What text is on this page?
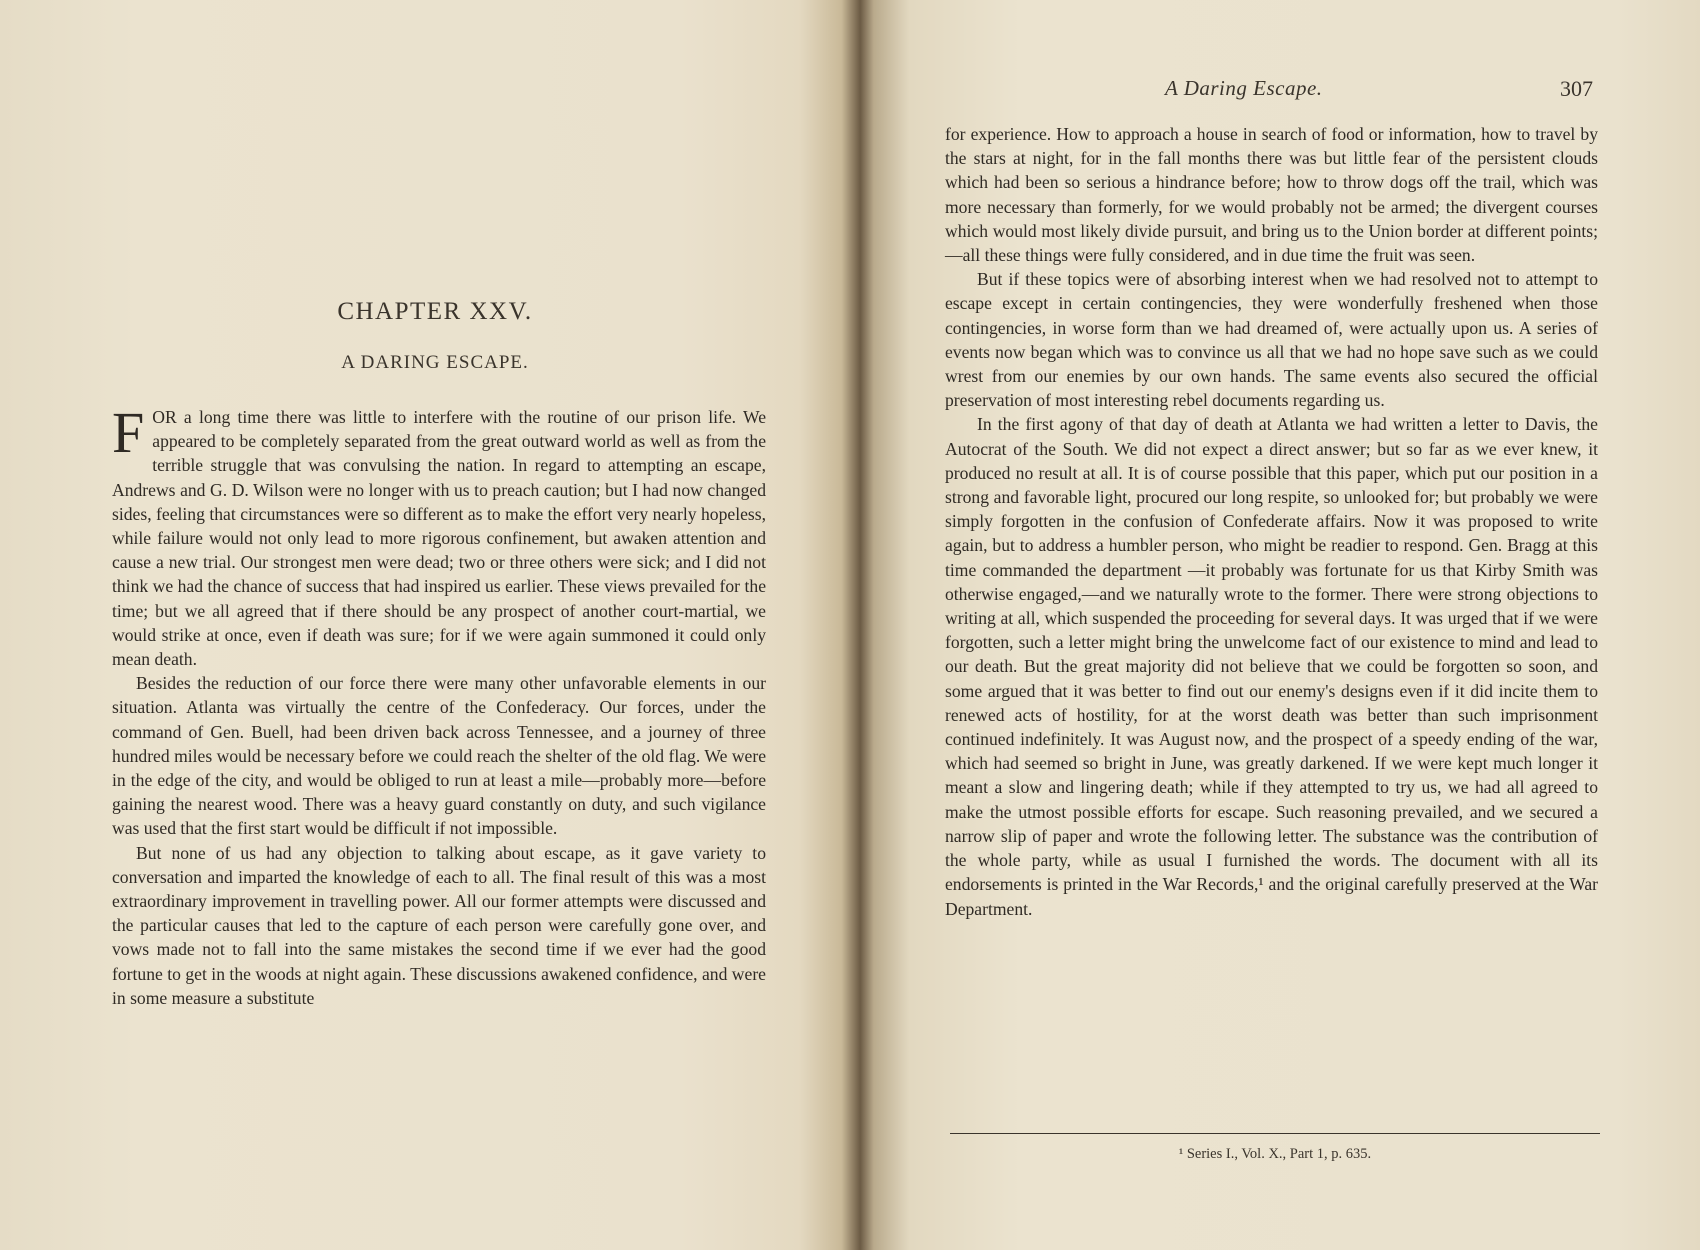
CHAPTER XXV.
A DARING ESCAPE.

FOR a long time there was little to interfere with the routine of our prison life. We appeared to be completely separated from the great outward world as well as from the terrible struggle that was convulsing the nation. In regard to attempting an escape, Andrews and G. D. Wilson were no longer with us to preach caution; but I had now changed sides, feeling that circumstances were so different as to make the effort very nearly hopeless, while failure would not only lead to more rigorous confinement, but awaken attention and cause a new trial. Our strongest men were dead; two or three others were sick; and I did not think we had the chance of success that had inspired us earlier. These views prevailed for the time; but we all agreed that if there should be any prospect of another court-martial, we would strike at once, even if death was sure; for if we were again summoned it could only mean death.

Besides the reduction of our force there were many other unfavorable elements in our situation. Atlanta was virtually the centre of the Confederacy. Our forces, under the command of Gen. Buell, had been driven back across Tennessee, and a journey of three hundred miles would be necessary before we could reach the shelter of the old flag. We were in the edge of the city, and would be obliged to run at least a mile—probably more—before gaining the nearest wood. There was a heavy guard constantly on duty, and such vigilance was used that the first start would be difficult if not impossible.

But none of us had any objection to talking about escape, as it gave variety to conversation and imparted the knowledge of each to all. The final result of this was a most extraordinary improvement in travelling power. All our former attempts were discussed and the particular causes that led to the capture of each person were carefully gone over, and vows made not to fall into the same mistakes the second time if we ever had the good fortune to get in the woods at night again. These discussions awakened confidence, and were in some measure a substitute

A Daring Escape.	307

for experience. How to approach a house in search of food or information, how to travel by the stars at night, for in the fall months there was but little fear of the persistent clouds which had been so serious a hindrance before; how to throw dogs off the trail, which was more necessary than formerly, for we would probably not be armed; the divergent courses which would most likely divide pursuit, and bring us to the Union border at different points;—all these things were fully considered, and in due time the fruit was seen.

But if these topics were of absorbing interest when we had resolved not to attempt to escape except in certain contingencies, they were wonderfully freshened when those contingencies, in worse form than we had dreamed of, were actually upon us. A series of events now began which was to convince us all that we had no hope save such as we could wrest from our enemies by our own hands. The same events also secured the official preservation of most interesting rebel documents regarding us.

In the first agony of that day of death at Atlanta we had written a letter to Davis, the Autocrat of the South. We did not expect a direct answer; but so far as we ever knew, it produced no result at all. It is of course possible that this paper, which put our position in a strong and favorable light, procured our long respite, so unlooked for; but probably we were simply forgotten in the confusion of Confederate affairs. Now it was proposed to write again, but to address a humbler person, who might be readier to respond. Gen. Bragg at this time commanded the department —it probably was fortunate for us that Kirby Smith was otherwise engaged,—and we naturally wrote to the former. There were strong objections to writing at all, which suspended the proceeding for several days. It was urged that if we were forgotten, such a letter might bring the unwelcome fact of our existence to mind and lead to our death. But the great majority did not believe that we could be forgotten so soon, and some argued that it was better to find out our enemy's designs even if it did incite them to renewed acts of hostility, for at the worst death was better than such imprisonment continued indefinitely. It was August now, and the prospect of a speedy ending of the war, which had seemed so bright in June, was greatly darkened. If we were kept much longer it meant a slow and lingering death; while if they attempted to try us, we had all agreed to make the utmost possible efforts for escape. Such reasoning prevailed, and we secured a narrow slip of paper and wrote the following letter. The substance was the contribution of the whole party, while as usual I furnished the words. The document with all its endorsements is printed in the War Records,¹ and the original carefully preserved at the War Department.

¹ Series I., Vol. X., Part 1, p. 635.
